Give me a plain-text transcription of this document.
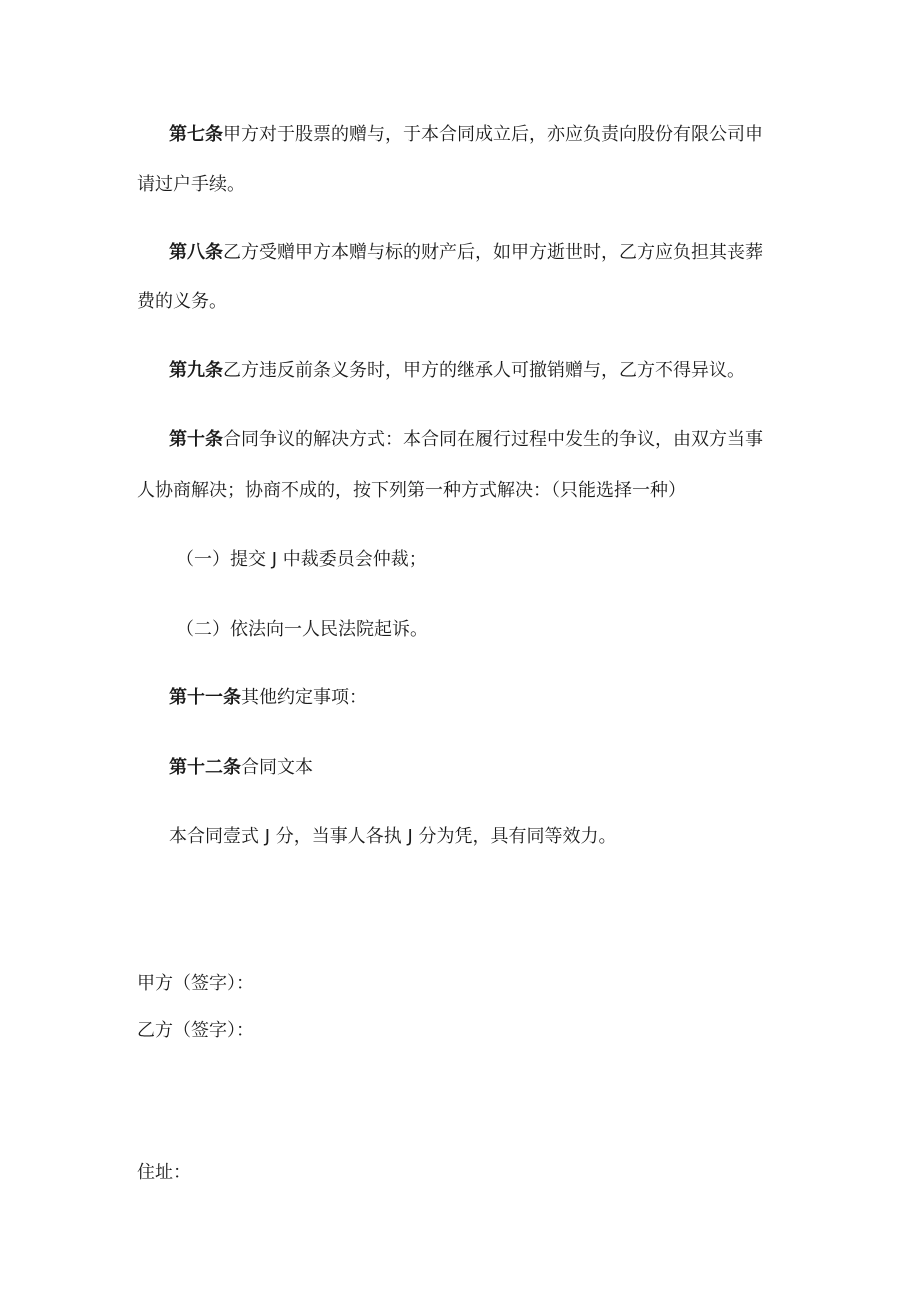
第七条甲方对于股票的赠与，于本合同成立后，亦应负责向股份有限公司申

请过户手续。

第八条乙方受赠甲方本赠与标的财产后，如甲方逝世时，乙方应负担其丧葬

费的义务。

第九条乙方违反前条义务时，甲方的继承人可撤销赠与，乙方不得异议。

第十条合同争议的解决方式：本合同在履行过程中发生的争议，由双方当事

人协商解决；协商不成的，按下列第一种方式解决：（只能选择一种）

（一）提交 J 中裁委员会仲裁；

（二）依法向一人民法院起诉。

第十一条其他约定事项：

第十二条合同文本

本合同壹式 J 分，当事人各执 J 分为凭，具有同等效力。

甲方（签字）：

乙方（签字）：

住址：
